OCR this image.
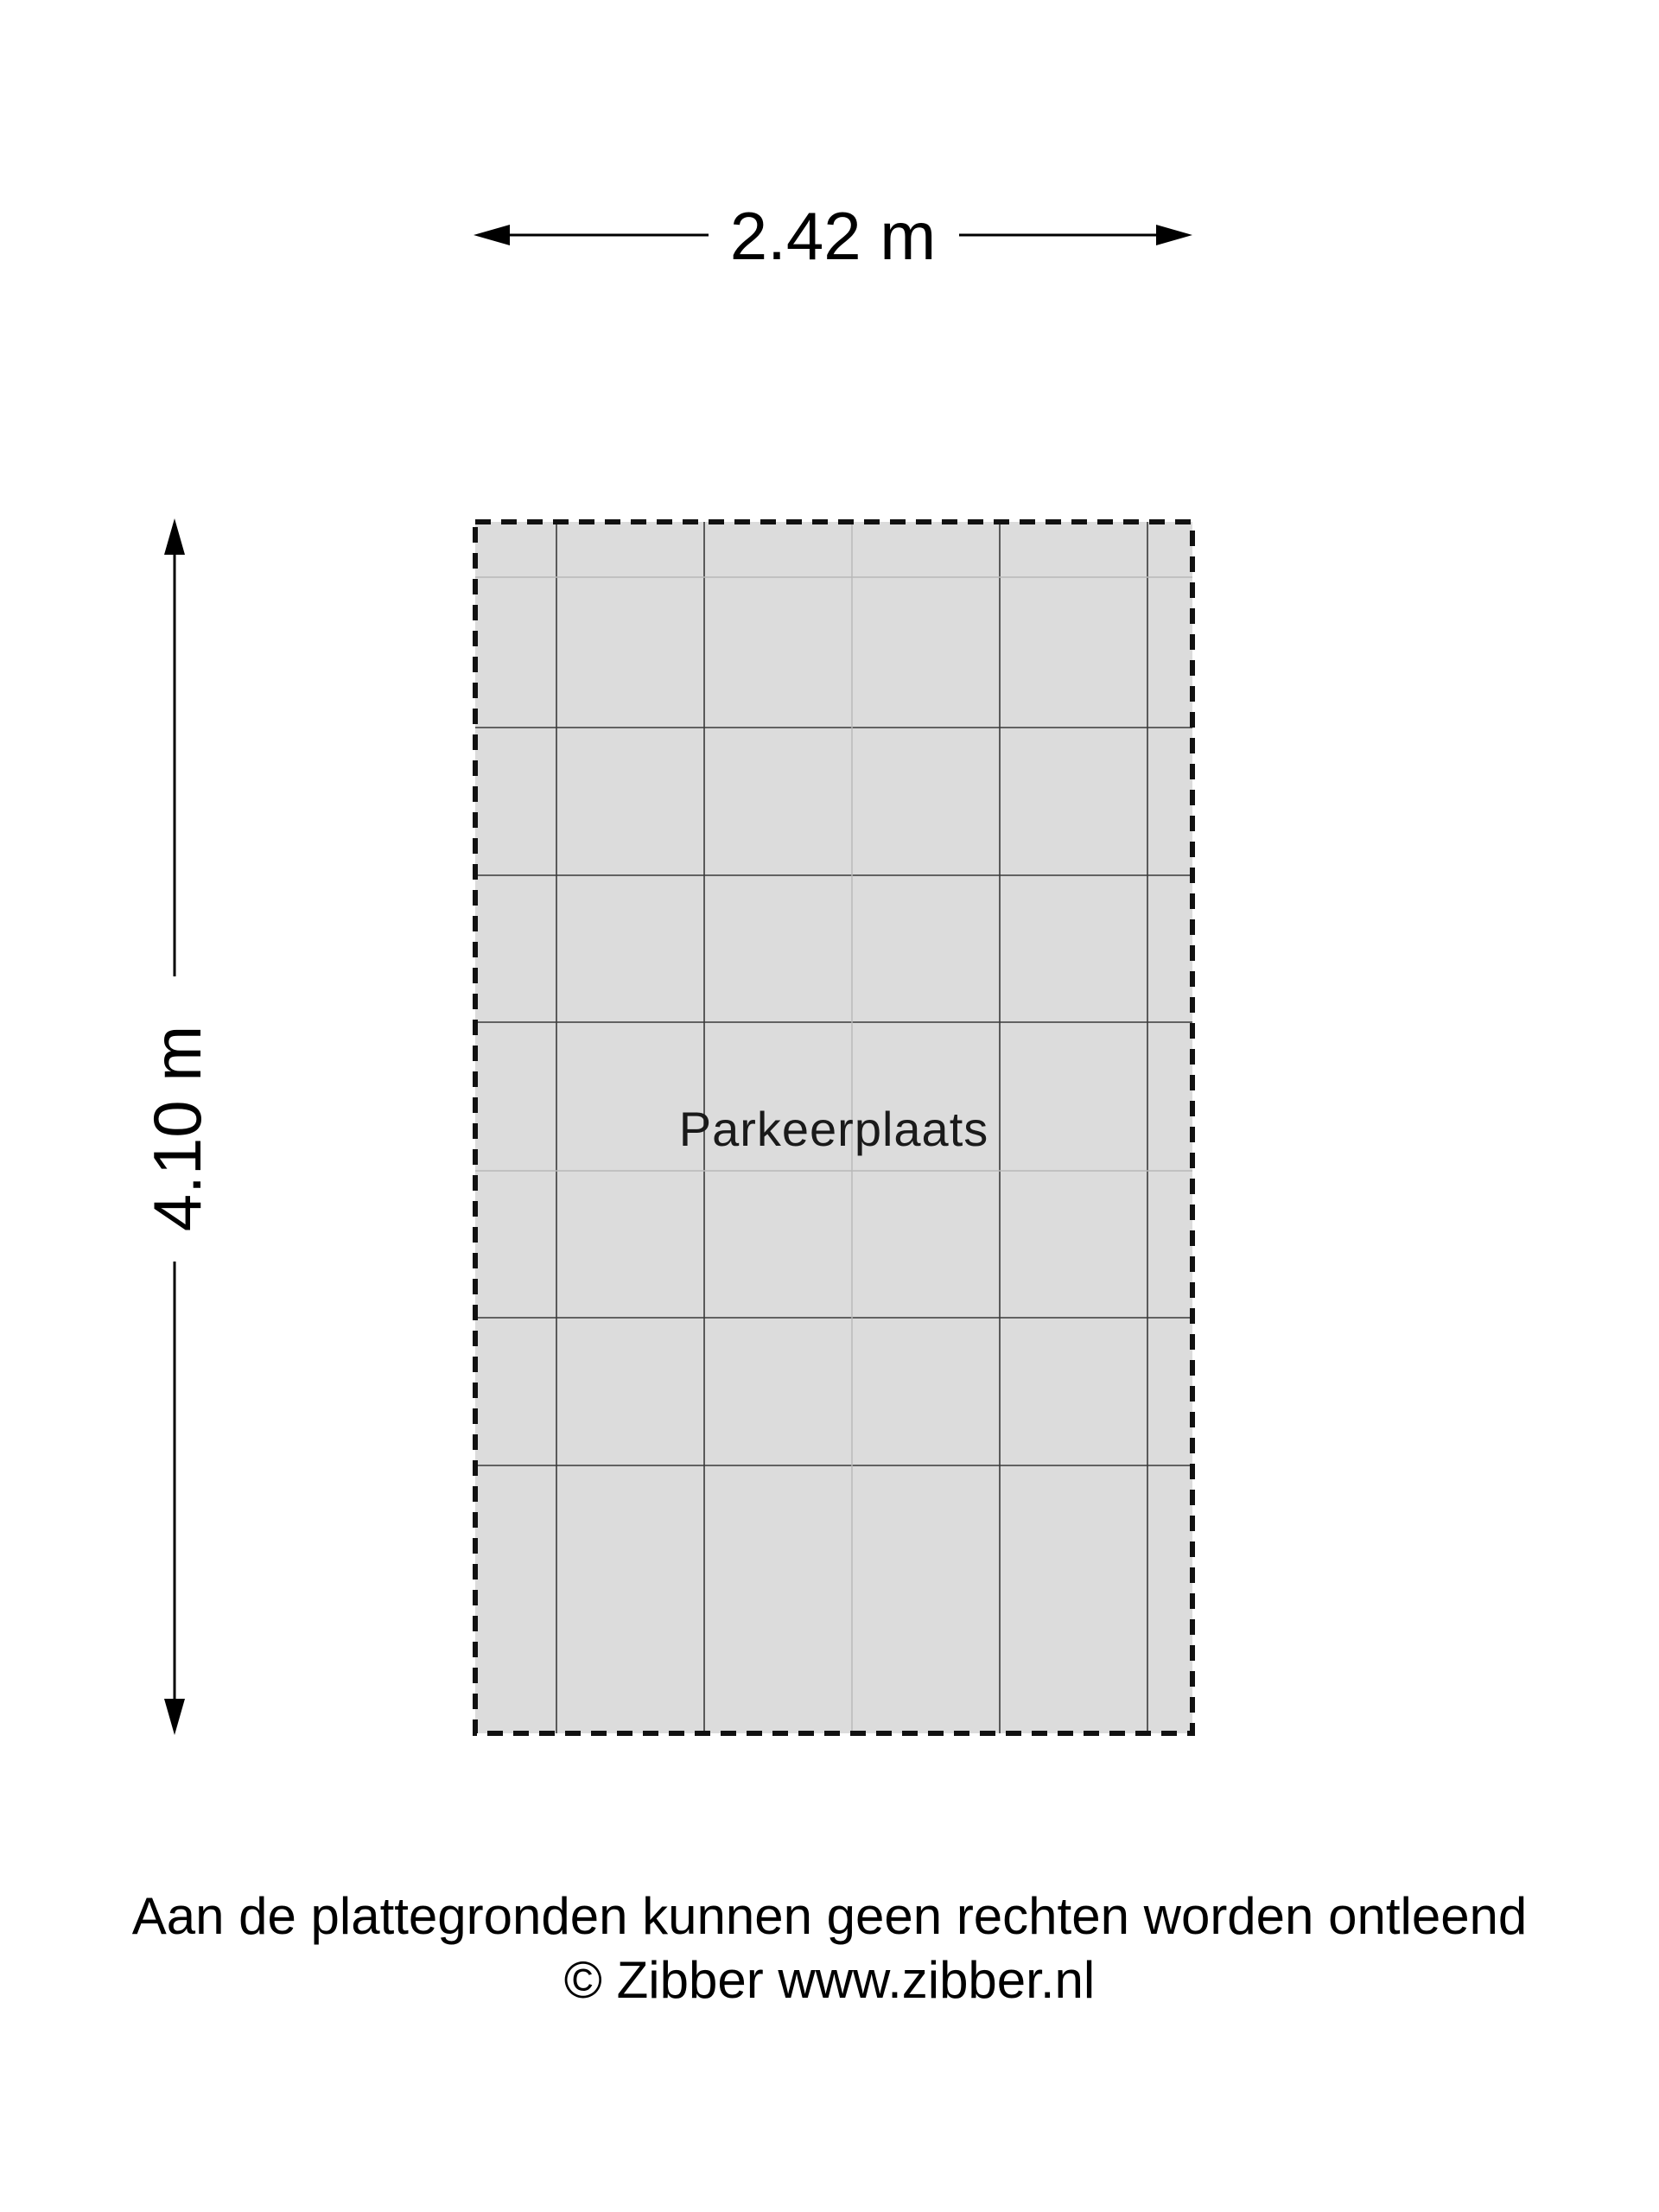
2.42 m
4.10 m	Parkeerplaats
Aan de plattegronden kunnen geen rechten worden ontleend
© Zibber www.zibber.nl
